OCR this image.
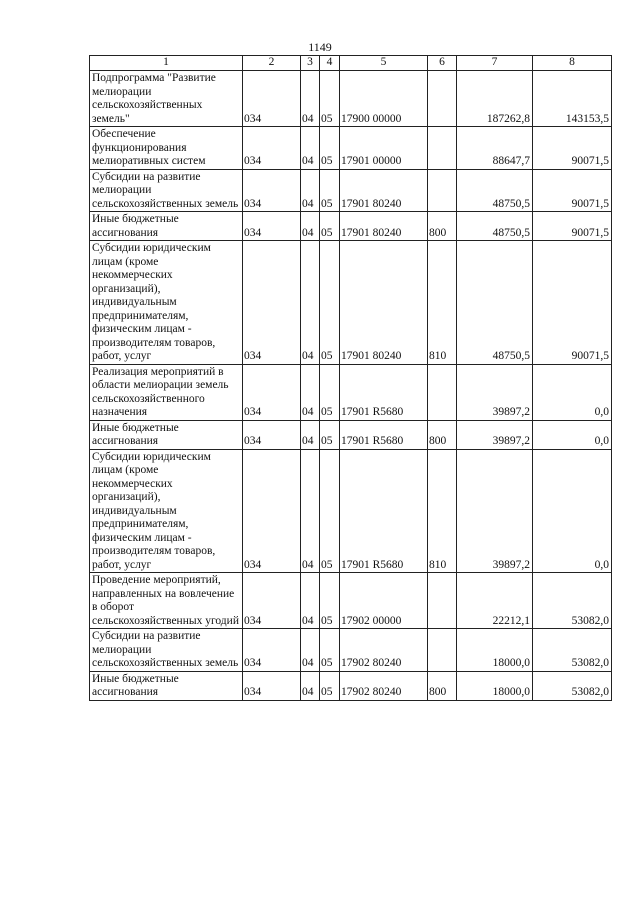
1149
1	2	3	4	5	6	7	8
Подпрограмма "Развитие мелиорации сельскохозяйственных земель"	034	04	05	17900 00000		187262,8	143153,5
Обеспечение функционирования мелиоративных систем	034	04	05	17901 00000		88647,7	90071,5
Субсидии на развитие мелиорации сельскохозяйственных земель	034	04	05	17901 80240		48750,5	90071,5
Иные бюджетные ассигнования	034	04	05	17901 80240	800	48750,5	90071,5
Субсидии юридическим лицам (кроме некоммерческих организаций), индивидуальным предпринимателям, физическим лицам - производителям товаров, работ, услуг	034	04	05	17901 80240	810	48750,5	90071,5
Реализация мероприятий в области мелиорации земель сельскохозяйственного назначения	034	04	05	17901 R5680		39897,2	0,0
Иные бюджетные ассигнования	034	04	05	17901 R5680	800	39897,2	0,0
Субсидии юридическим лицам (кроме некоммерческих организаций), индивидуальным предпринимателям, физическим лицам - производителям товаров, работ, услуг	034	04	05	17901 R5680	810	39897,2	0,0
Проведение мероприятий, направленных на вовлечение в оборот сельскохозяйственных угодий	034	04	05	17902 00000		22212,1	53082,0
Субсидии на развитие мелиорации сельскохозяйственных земель	034	04	05	17902 80240		18000,0	53082,0
Иные бюджетные ассигнования	034	04	05	17902 80240	800	18000,0	53082,0
